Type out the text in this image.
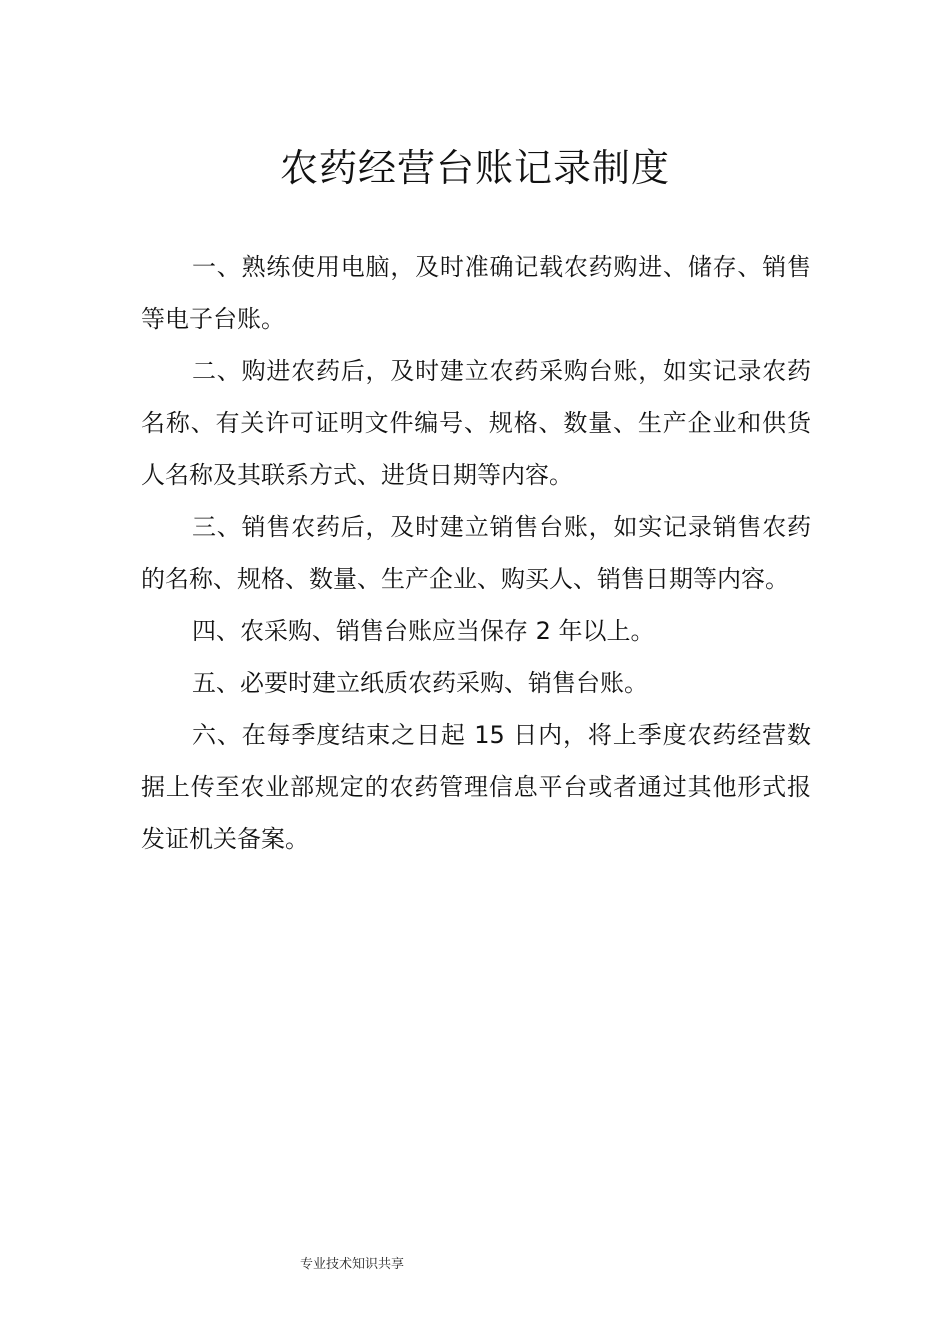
农药经营台账记录制度

一、熟练使用电脑，及时准确记载农药购进、储存、销售等电子台账。

二、购进农药后，及时建立农药采购台账，如实记录农药名称、有关许可证明文件编号、规格、数量、生产企业和供货人名称及其联系方式、进货日期等内容。

三、销售农药后，及时建立销售台账，如实记录销售农药的名称、规格、数量、生产企业、购买人、销售日期等内容。

四、农采购、销售台账应当保存 2 年以上。

五、必要时建立纸质农药采购、销售台账。

六、在每季度结束之日起 15 日内，将上季度农药经营数据上传至农业部规定的农药管理信息平台或者通过其他形式报发证机关备案。

专业技术知识共享
